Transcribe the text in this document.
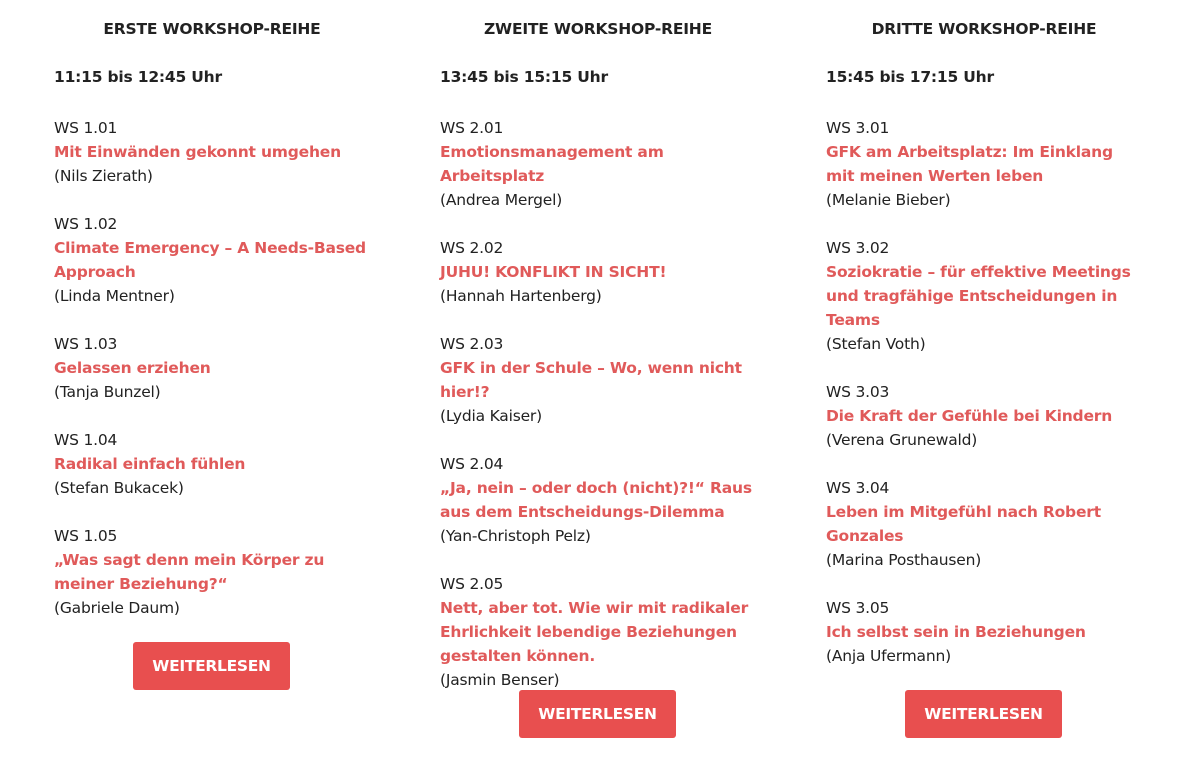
ERSTE WORKSHOP-REIHE
11:15 bis 12:45 Uhr
WS 1.01
Mit Einwänden gekonnt umgehen
(Nils Zierath)
WS 1.02
Climate Emergency – A Needs-Based Approach
(Linda Mentner)
WS 1.03
Gelassen erziehen
(Tanja Bunzel)
WS 1.04
Radikal einfach fühlen
(Stefan Bukacek)
WS 1.05
„Was sagt denn mein Körper zu meiner Beziehung?“
(Gabriele Daum)
WEITERLESEN
ZWEITE WORKSHOP-REIHE
13:45 bis 15:15 Uhr
WS 2.01
Emotionsmanagement am Arbeitsplatz
(Andrea Mergel)
WS 2.02
JUHU! KONFLIKT IN SICHT!
(Hannah Hartenberg)
WS 2.03
GFK in der Schule – Wo, wenn nicht hier!?
(Lydia Kaiser)
WS 2.04
„Ja, nein – oder doch (nicht)?!“ Raus aus dem Entscheidungs-Dilemma
(Yan-Christoph Pelz)
WS 2.05
Nett, aber tot. Wie wir mit radikaler Ehrlichkeit lebendige Beziehungen gestalten können.
(Jasmin Benser)
WEITERLESEN
DRITTE WORKSHOP-REIHE
15:45 bis 17:15 Uhr
WS 3.01
GFK am Arbeitsplatz: Im Einklang mit meinen Werten leben
(Melanie Bieber)
WS 3.02
Soziokratie – für effektive Meetings und tragfähige Entscheidungen in Teams
(Stefan Voth)
WS 3.03
Die Kraft der Gefühle bei Kindern
(Verena Grunewald)
WS 3.04
Leben im Mitgefühl nach Robert Gonzales
(Marina Posthausen)
WS 3.05
Ich selbst sein in Beziehungen
(Anja Ufermann)
WEITERLESEN
